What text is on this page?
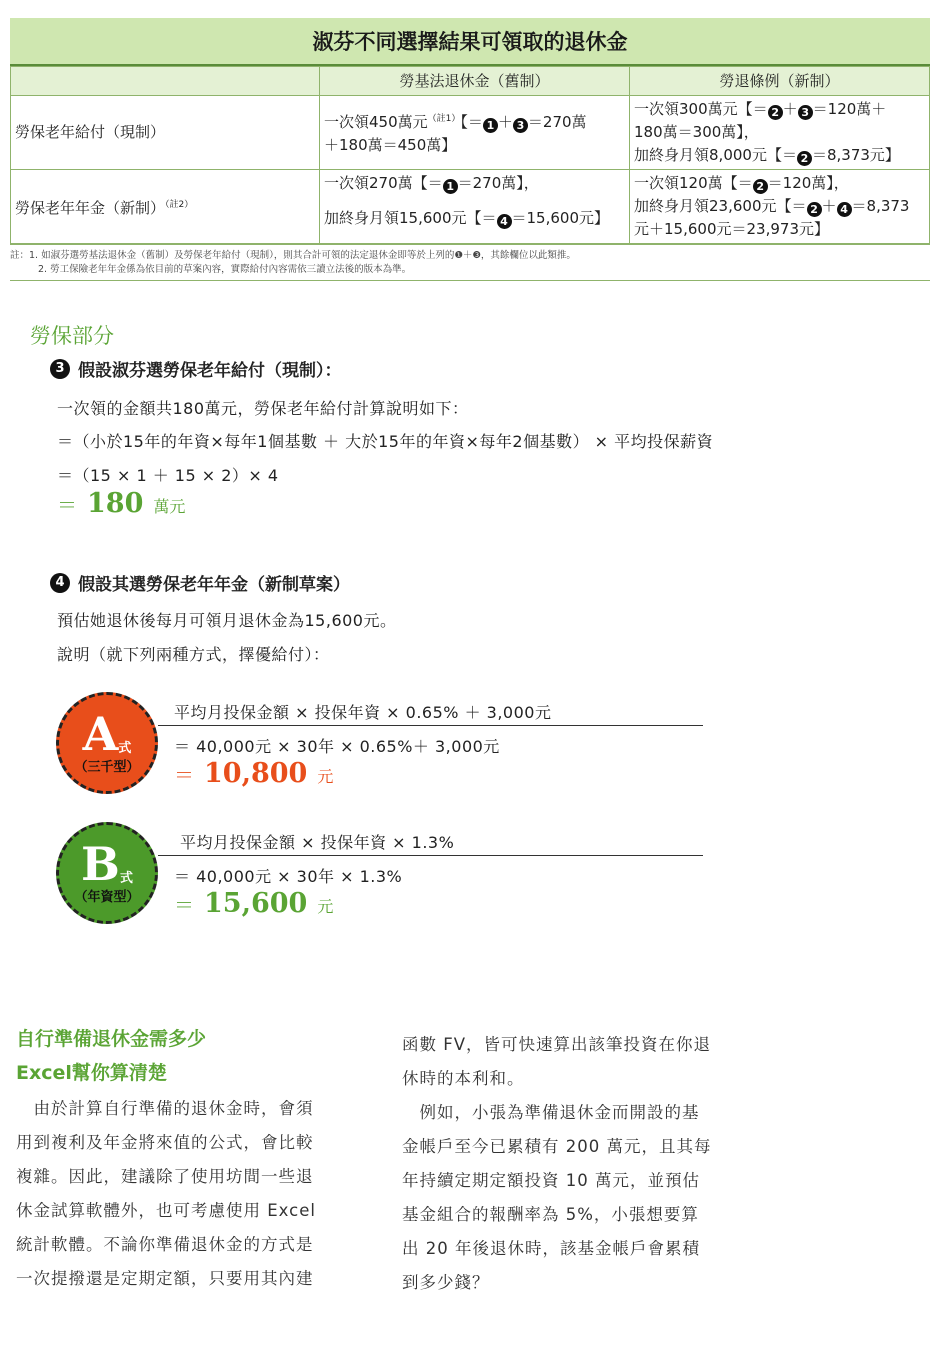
淑芬不同選擇結果可領取的退休金
	勞基法退休金（舊制）	勞退條例（新制）
勞保老年給付（現制）	一次領450萬元$^{(註1)}$【＝ 1 ＋ 3 ＝270萬
＋180萬＝450萬】	一次領300萬元【＝ 2 ＋ 3 ＝120萬＋
180萬＝300萬】，
加終身月領8,000元【＝ 2 ＝8,373元】
勞保老年年金（新制）$^{(註2)}$	一次領270萬【＝ 1 ＝270萬】，

加終身月領15,600元【＝ 4 ＝15,600元】	一次領120萬【＝ 2 ＝120萬】，
加終身月領23,600元【＝ 2 ＋ 4 ＝8,373
元＋15,600元＝23,973元】
註：1. 如淑芬選勞基法退休金（舊制）及勞保老年給付（現制），則其合計可領的法定退休金即等於上列的❶＋❸，其餘欄位以此類推。
2. 勞工保險老年年金係為依目前的草案內容，實際給付內容需依三讀立法後的版本為準。
勞保部分
3 假設淑芬選勞保老年給付（現制）：
一次領的金額共180萬元，勞保老年給付計算說明如下：
＝（小於15年的年資×每年1個基數 ＋ 大於15年的年資×每年2個基數） × 平均投保薪資
＝（15 × 1 ＋ 15 × 2）× 4
＝ 180 萬元
4 假設其選勞保老年年金（新制草案）
預估她退休後每月可領月退休金為15,600元。
說明（就下列兩種方式，擇優給付）：
A 式
（三千型）
平均月投保金額 × 投保年資 × 0.65% ＋ 3,000元
＝ 40,000元 × 30年 × 0.65%＋ 3,000元
＝ 10,800 元
B 式
（年資型）
平均月投保金額 × 投保年資 × 1.3%
＝ 40,000元 × 30年 × 1.3%
＝ 15,600 元
自行準備退休金需多少
Excel幫你算清楚
　由於計算自行準備的退休金時，會須
用到複利及年金將來值的公式，會比較
複雜。因此，建議除了使用坊間一些退
休金試算軟體外，也可考慮使用 Excel
統計軟體。不論你準備退休金的方式是
一次提撥還是定期定額，只要用其內建
函數 FV，皆可快速算出該筆投資在你退
休時的本利和。
　例如，小張為準備退休金而開設的基
金帳戶至今已累積有 200 萬元，且其每
年持續定期定額投資 10 萬元，並預估
基金組合的報酬率為 5%，小張想要算
出 20 年後退休時，該基金帳戶會累積
到多少錢？
